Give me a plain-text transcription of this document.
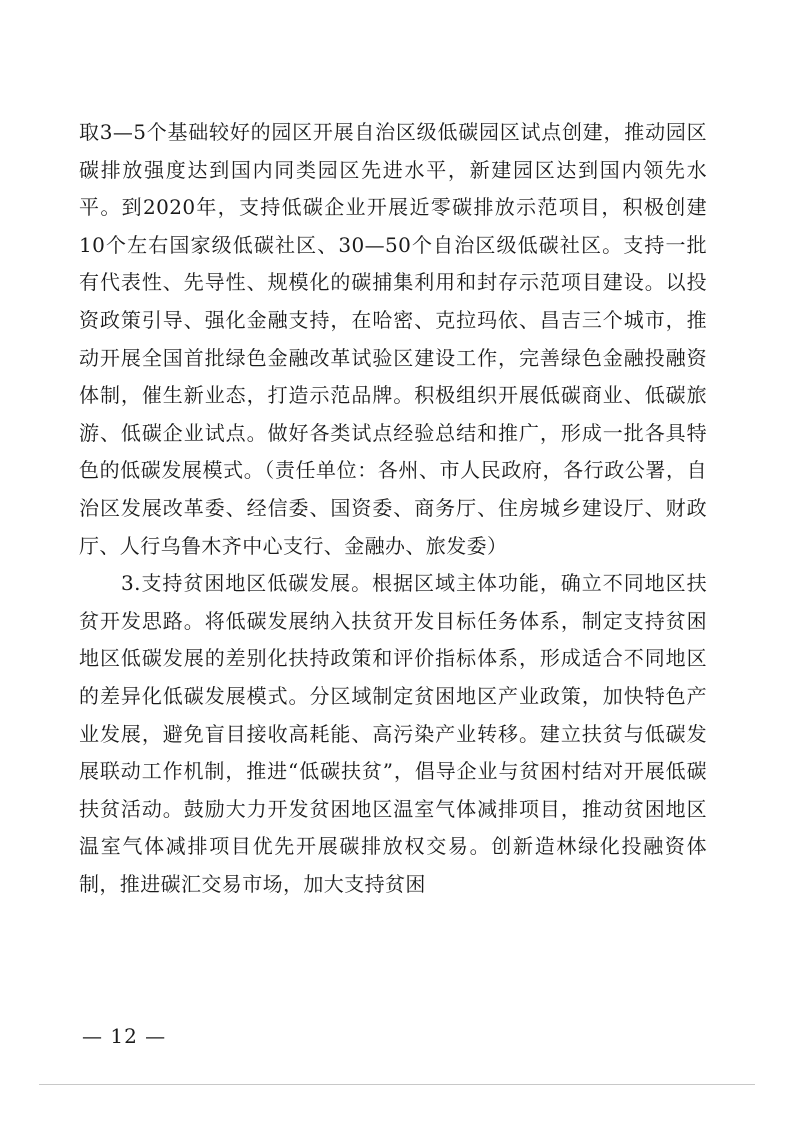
取3—5个基础较好的园区开展自治区级低碳园区试点创建，推动园区碳排放强度达到国内同类园区先进水平，新建园区达到国内领先水平。到2020年，支持低碳企业开展近零碳排放示范项目，积极创建10个左右国家级低碳社区、30—50个自治区级低碳社区。支持一批有代表性、先导性、规模化的碳捕集利用和封存示范项目建设。以投资政策引导、强化金融支持，在哈密、克拉玛依、昌吉三个城市，推动开展全国首批绿色金融改革试验区建设工作，完善绿色金融投融资体制，催生新业态，打造示范品牌。积极组织开展低碳商业、低碳旅游、低碳企业试点。做好各类试点经验总结和推广，形成一批各具特色的低碳发展模式。（责任单位：各州、市人民政府，各行政公署，自治区发展改革委、经信委、国资委、商务厅、住房城乡建设厅、财政厅、人行乌鲁木齐中心支行、金融办、旅发委）

3.支持贫困地区低碳发展。根据区域主体功能，确立不同地区扶贫开发思路。将低碳发展纳入扶贫开发目标任务体系，制定支持贫困地区低碳发展的差别化扶持政策和评价指标体系，形成适合不同地区的差异化低碳发展模式。分区域制定贫困地区产业政策，加快特色产业发展，避免盲目接收高耗能、高污染产业转移。建立扶贫与低碳发展联动工作机制，推进“低碳扶贫”，倡导企业与贫困村结对开展低碳扶贫活动。鼓励大力开发贫困地区温室气体减排项目，推动贫困地区温室气体减排项目优先开展碳排放权交易。创新造林绿化投融资体制，推进碳汇交易市场，加大支持贫困

— 12 —
